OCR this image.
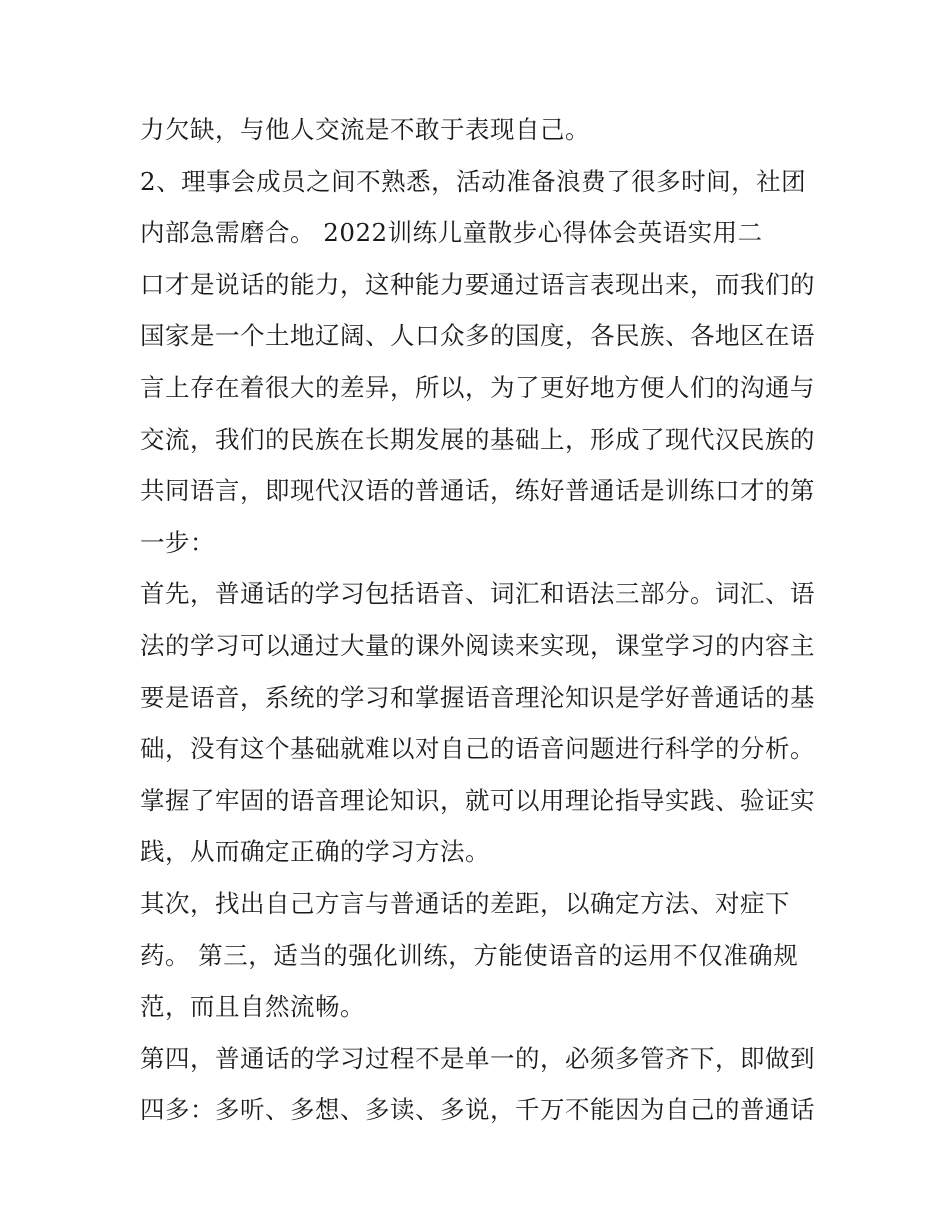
力欠缺，与他人交流是不敢于表现自己。
2、理事会成员之间不熟悉，活动准备浪费了很多时间，社团
内部急需磨合。 2022训练儿童散步心得体会英语实用二
口才是说话的能力，这种能力要通过语言表现出来，而我们的
国家是一个土地辽阔、人口众多的国度，各民族、各地区在语
言上存在着很大的差异，所以，为了更好地方便人们的沟通与
交流，我们的民族在长期发展的基础上，形成了现代汉民族的
共同语言，即现代汉语的普通话，练好普通话是训练口才的第
一步：
首先，普通话的学习包括语音、词汇和语法三部分。词汇、语
法的学习可以通过大量的课外阅读来实现，课堂学习的内容主
要是语音，系统的学习和掌握语音理沦知识是学好普通话的基
础，没有这个基础就难以对自己的语音问题进行科学的分析。
掌握了牢固的语音理论知识，就可以用理论指导实践、验证实
践，从而确定正确的学习方法。
其次，找出自己方言与普通话的差距，以确定方法、对症下
药。 第三，适当的强化训练，方能使语音的运用不仅准确规
范，而且自然流畅。
第四，普通话的学习过程不是单一的，必须多管齐下，即做到
四多：多听、多想、多读、多说，千万不能因为自己的普通话
